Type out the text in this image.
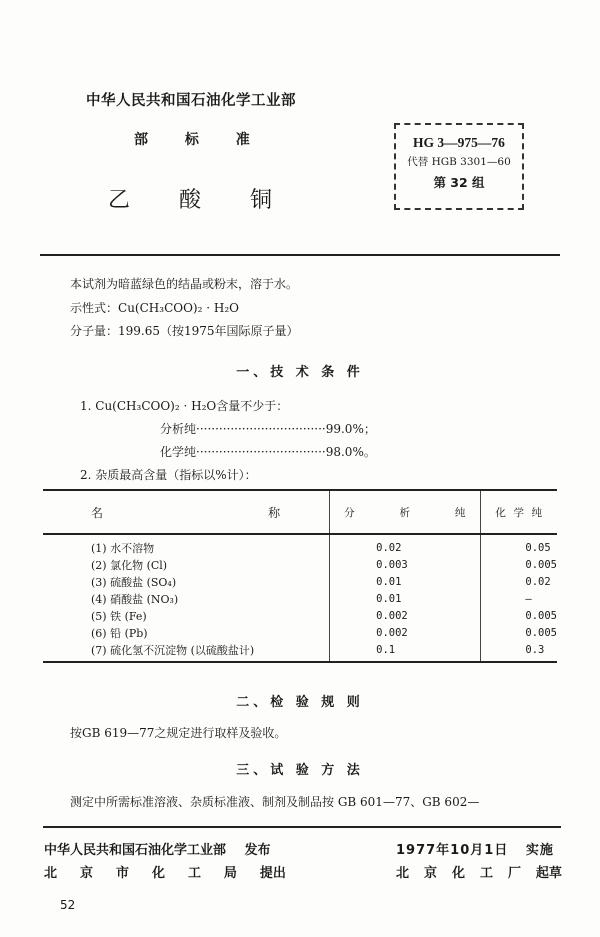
中华人民共和国石油化学工业部
部	标	准
乙 酸 铜
HG 3—975—76
代替 HGB 3301—60
第 32 组
本试剂为暗蓝绿色的结晶或粉末，溶于水。
示性式：Cu(CH₃COO)₂ · H₂O
分子量：199.65（按1975年国际原子量）
一、技 术 条 件
1. Cu(CH₃COO)₂ · H₂O含量不少于：
分析纯··································99.0%；
化学纯··································98.0%。
2. 杂质最高含量（指标以%计）：
名 称	分 析 纯	化 学 纯

(1) 水不溶物	0.02	0.05
(2) 氯化物 (Cl)	0.003	0.005
(3) 硫酸盐 (SO₄)	0.01	0.02
(4) 硝酸盐 (NO₃)	0.01	—
(5) 铁 (Fe)	0.002	0.005
(6) 铅 (Pb)	0.002	0.005
(7) 硫化氢不沉淀物 (以硫酸盐计)	0.1	0.3
二、检 验 规 则
按GB 619—77之规定进行取样及验收。
三、试 验 方 法
测定中所需标准溶液、杂质标准液、制剂及制品按 GB 601—77、GB 602—
中华人民共和国石油化学工业部 发布
北 京 市 化 工 局 提出
1977年10月1日 实施
北 京 化 工 厂 起草
52
